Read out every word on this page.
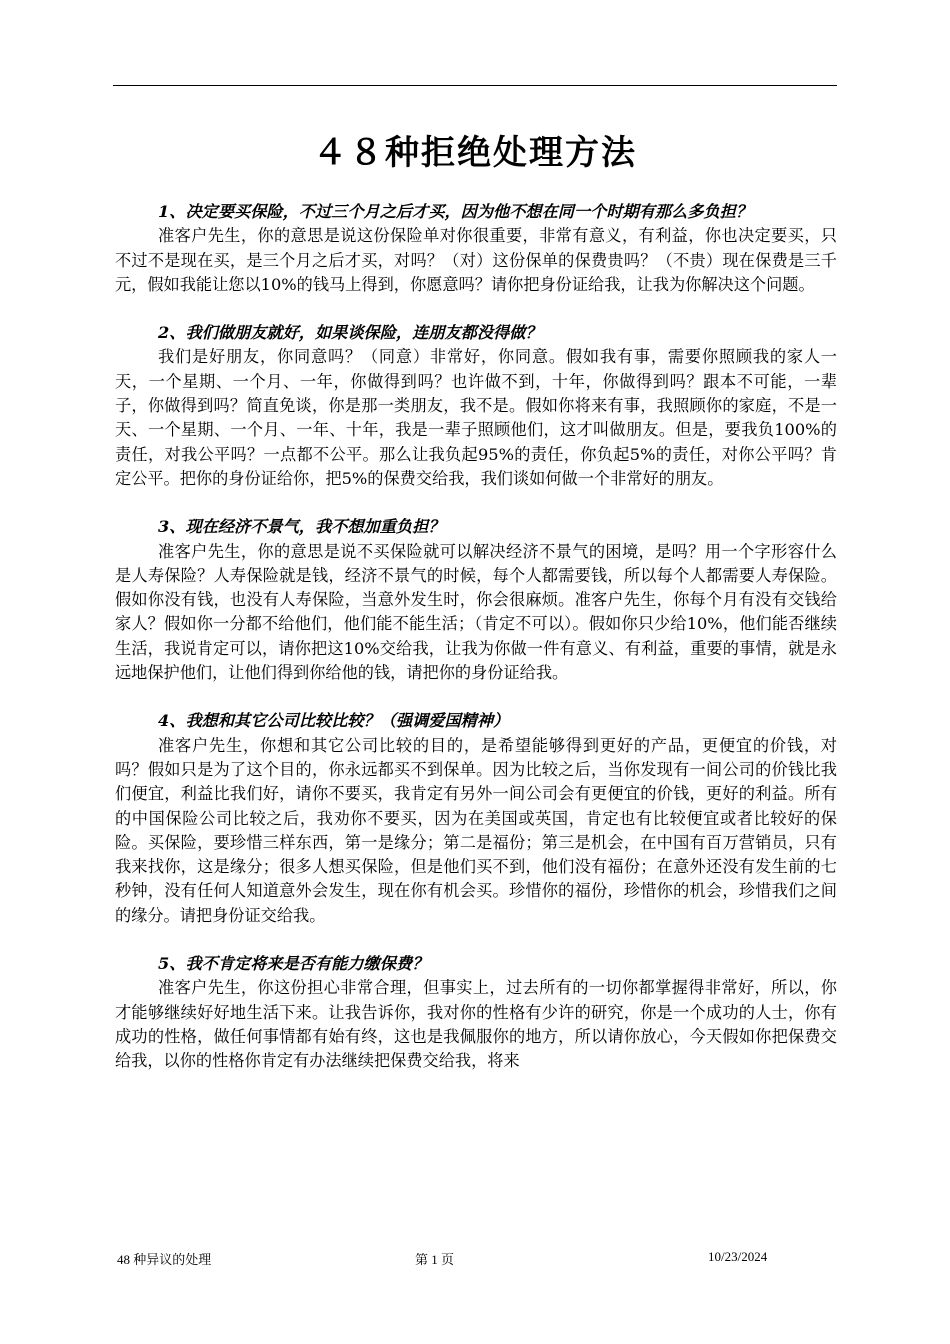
４８种拒绝处理方法

1、决定要买保险，不过三个月之后才买，因为他不想在同一个时期有那么多负担？

准客户先生，你的意思是说这份保险单对你很重要，非常有意义，有利益，你也决定要买，只不过不是现在买，是三个月之后才买，对吗？（对）这份保单的保费贵吗？（不贵）现在保费是三千元，假如我能让您以10%的钱马上得到，你愿意吗？请你把身份证给我，让我为你解决这个问题。

2、我们做朋友就好，如果谈保险，连朋友都没得做？

我们是好朋友，你同意吗？（同意）非常好，你同意。假如我有事，需要你照顾我的家人一天，一个星期、一个月、一年，你做得到吗？也许做不到，十年，你做得到吗？跟本不可能，一辈子，你做得到吗？简直免谈，你是那一类朋友，我不是。假如你将来有事，我照顾你的家庭，不是一天、一个星期、一个月、一年、十年，我是一辈子照顾他们，这才叫做朋友。但是，要我负100%的责任，对我公平吗？一点都不公平。那么让我负起95%的责任，你负起5%的责任，对你公平吗？肯定公平。把你的身份证给你，把5%的保费交给我，我们谈如何做一个非常好的朋友。

3、现在经济不景气，我不想加重负担？

准客户先生，你的意思是说不买保险就可以解决经济不景气的困境，是吗？用一个字形容什么是人寿保险？人寿保险就是钱，经济不景气的时候，每个人都需要钱，所以每个人都需要人寿保险。假如你没有钱，也没有人寿保险，当意外发生时，你会很麻烦。准客户先生，你每个月有没有交钱给家人？假如你一分都不给他们，他们能不能生活；（肯定不可以）。假如你只少给10%，他们能否继续生活，我说肯定可以，请你把这10%交给我，让我为你做一件有意义、有利益，重要的事情，就是永远地保护他们，让他们得到你给他的钱，请把你的身份证给我。

4、我想和其它公司比较比较？（强调爱国精神）

准客户先生，你想和其它公司比较的目的，是希望能够得到更好的产品，更便宜的价钱，对吗？假如只是为了这个目的，你永远都买不到保单。因为比较之后，当你发现有一间公司的价钱比我们便宜，利益比我们好，请你不要买，我肯定有另外一间公司会有更便宜的价钱，更好的利益。所有的中国保险公司比较之后，我劝你不要买，因为在美国或英国，肯定也有比较便宜或者比较好的保险。买保险，要珍惜三样东西，第一是缘分；第二是福份；第三是机会，在中国有百万营销员，只有我来找你，这是缘分；很多人想买保险，但是他们买不到，他们没有福份；在意外还没有发生前的七秒钟，没有任何人知道意外会发生，现在你有机会买。珍惜你的福份，珍惜你的机会，珍惜我们之间的缘分。请把身份证交给我。

5、我不肯定将来是否有能力缴保费？

准客户先生，你这份担心非常合理，但事实上，过去所有的一切你都掌握得非常好，所以，你才能够继续好好地生活下来。让我告诉你，我对你的性格有少许的研究，你是一个成功的人士，你有成功的性格，做任何事情都有始有终，这也是我佩服你的地方，所以请你放心，今天假如你把保费交给我，以你的性格你肯定有办法继续把保费交给我，将来

48 种异议的处理	第 1 页	10/23/2024
